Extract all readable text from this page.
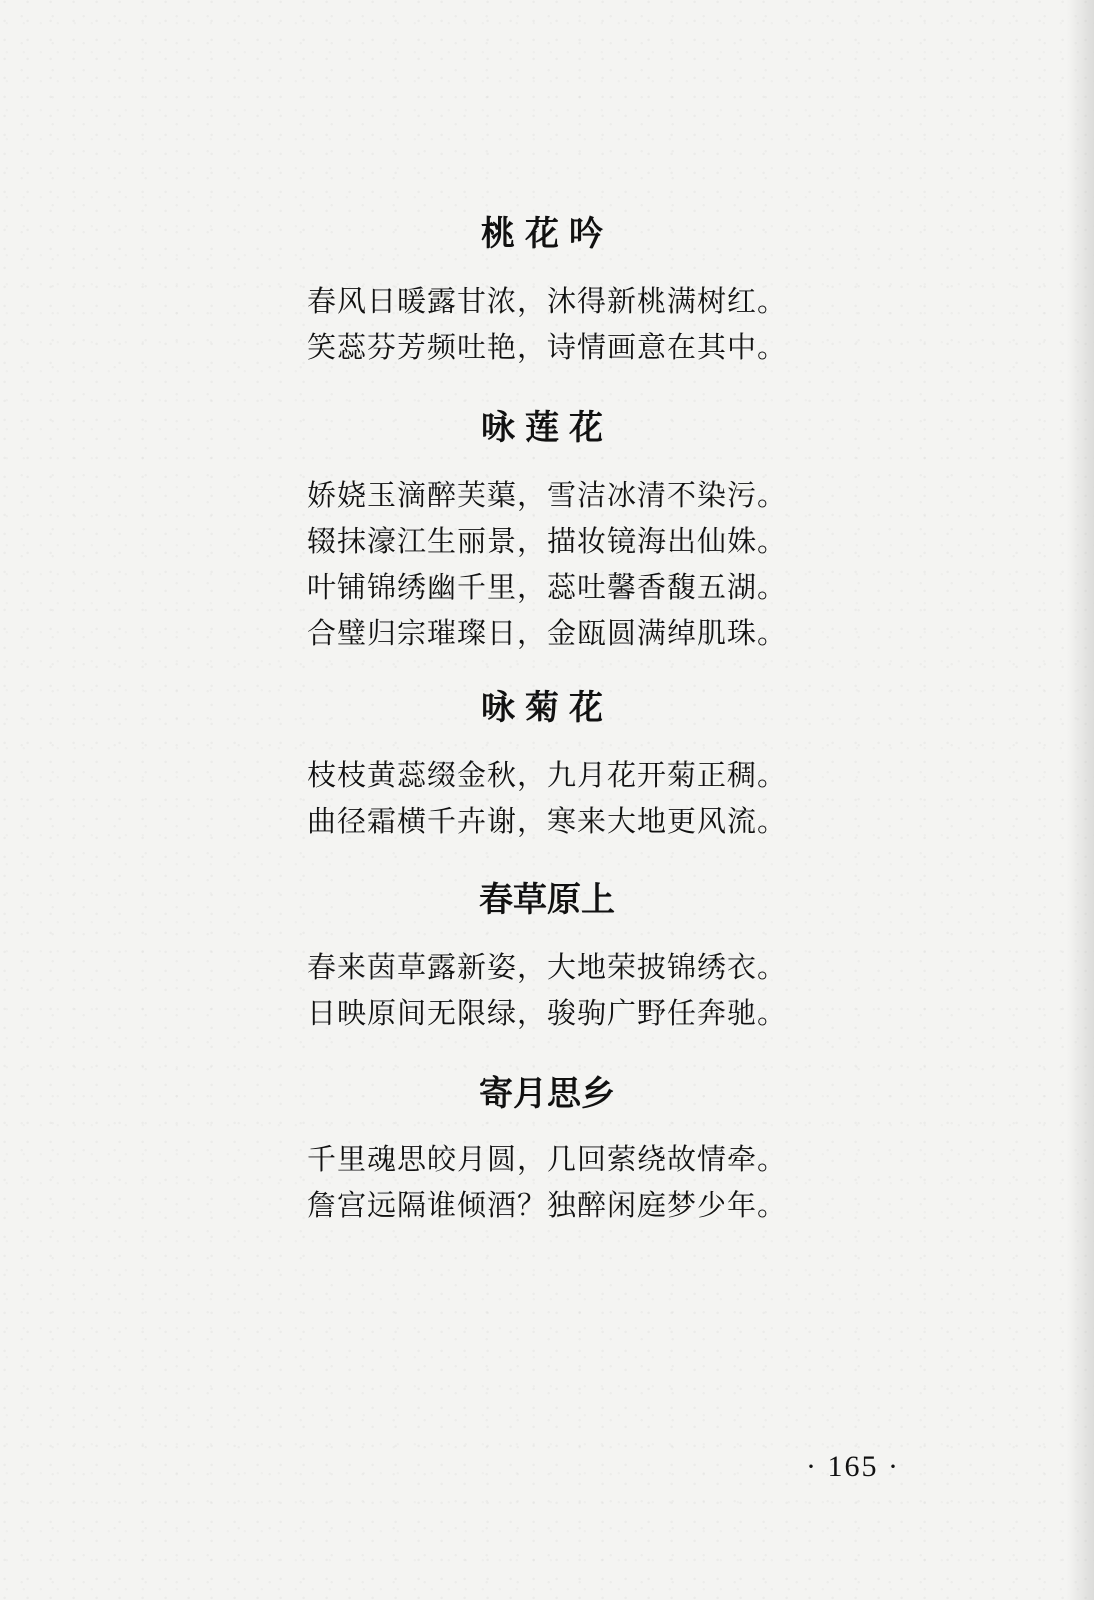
桃花吟
春风日暖露甘浓，沐得新桃满树红。
笑蕊芬芳频吐艳，诗情画意在其中。
咏莲花
娇娆玉滴醉芙蕖，雪洁冰清不染污。
辍抹濠江生丽景，描妆镜海出仙姝。
叶铺锦绣幽千里，蕊吐馨香馥五湖。
合璧归宗璀璨日，金瓯圆满绰肌珠。
咏菊花
枝枝黄蕊缀金秋，九月花开菊正稠。
曲径霜横千卉谢，寒来大地更风流。
春草原上
春来茵草露新姿，大地荣披锦绣衣。
日映原间无限绿，骏驹广野任奔驰。
寄月思乡
千里魂思皎月圆，几回萦绕故情牵。
詹宫远隔谁倾酒？独醉闲庭梦少年。
· 165 ·
